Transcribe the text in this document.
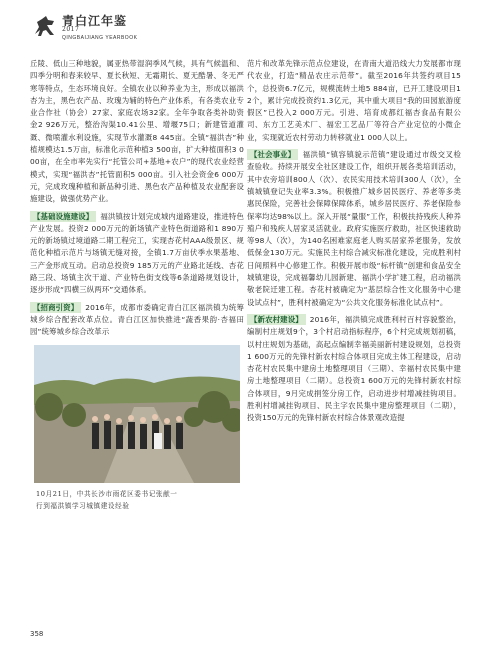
青白江年鉴
2017
QINGBAIJIANG YEARBOOK

丘陵、低山三种地貌，属亚热带湿润季风气候，具有气候温和、四季分明和春来较早、夏长秋短、无霜期长、夏无酷暑、冬无严寒等特点，生态环境良好。全镇农业以种养业为主，形成以福洪杏为主，黑色农产品、玫瑰为辅的特色产业体系，有各类农业专业合作社（协会）27家、家庭农场32家。全年争取各类补助资金2 926万元，整治沟渠10.41公里、增堰75口；新建管道灌溉、微喷灌水利设施，实现节水灌溉8 445亩。全镇“福洪杏”种植规模达1.5万亩，标准化示范种植3 500亩，扩大种植面积3 000亩，在全市率先实行“托管公司+基地+农户”的现代农业经营模式，实现“福洪杏”托管面积5 000亩。引入社会资金6 000万元，完成玫瑰种植和新品种引进、黑色农产品种植及农业配套设施建设，做强优势产业。

【基础设施建设】 福洪镇按计划完成城内道路建设，推进特色产业发展。投资2 000万元的新场镇产业特色街道路和1 890万元的新场镇过境道路二期工程完工，实现杏花村AAA级景区、规范化种植示范片与场镇无缝对接，全镇1.7万亩伏季水果基地、三产金形成互动。启动总投资9 185万元的产业路北延线、杏花路三段、场镇主次干道、产业特色街支线等6条道路规划设计，逐步形成“四横三纵两环”交通体系。

【招商引资】 2016年，成都市委确定青白江区福洪镇为统筹城乡综合配套改革点位。青白江区加快推进“蔬香果韵·杏福田园”统筹城乡综合改革示

10月21日，中共长沙市雨花区委书记张献一
行到福洪镇学习城镇建设经验

范片和改革先锋示范点位建设，在青南大道沿线大力发展都市现代农业，打造“精品农庄示范带”。截至2016年共签约项目15个，总投资6.7亿元，规模流转土地5 884亩，已开工建设项目12个，累计完成投资约1.3亿元，其中重大项目“我的田园旅游度假区”已投入2 000万元。引进、培育成都红福杏食品有限公司、东方工艺美术厂、福宏工艺品厂等符合产业定位的小微企业，实现就近农村劳动力转移就业1 000人以上。

【社会事业】 福洪镇“镇容镇貌示范镇”建设通过市级交叉检查验收。持续开展安全社区建设工作，组织开展各类培训活动，其中农旁培训800人（次）、农民实用技术培训300人（次），全镇城镇登记失业率3.3%。积极推广城乡居民医疗、养老等多类惠民保险，完善社会保障保障体系，城乡居民医疗、养老保险参保率均达98%以上。深入开展“量服”工作，积极扶持残疾人种养殖户和残疾人居家灵活就业。政府实施医疗救助，社区快速救助等98人（次），为140名困难家庭老人购买居家养老服务，发放低保金130万元。实施民主村综合减灾标准化建设，完成胜利村日间照料中心修建工作。积极开展市级“标杆镇”创建和食品安全城镇建设，完成福馨幼儿园新建、福洪小学扩建工程，启动福洪敬老院迁建工程。杏花村被确定为“基层综合性文化服务中心建设试点村”，胜利村被确定为“公共文化服务标准化试点村”。

【新农村建设】 2016年，福洪镇完成胜利村百村容貌整治，编制村庄规划9个，3个村启动指标程序，6个村完成规划初稿，以村庄规划为基础，高起点编制幸福美丽新村建设规划，总投资1 600万元的先锋村新农村综合体项目完成主体工程建设，启动杏花村农民集中建房土地整理项目（三期）、幸福村农民集中建房土地整理项目（二期）。总投资1 600万元的先锋村新农村综合体项目，9月完成捐签分房工作，启动进步村增减挂钩项目。胜利村增减挂钩项目、民主字农民集中建房整理项目（二期），投资150万元的先锋村新农村综合体景观改造提

358
